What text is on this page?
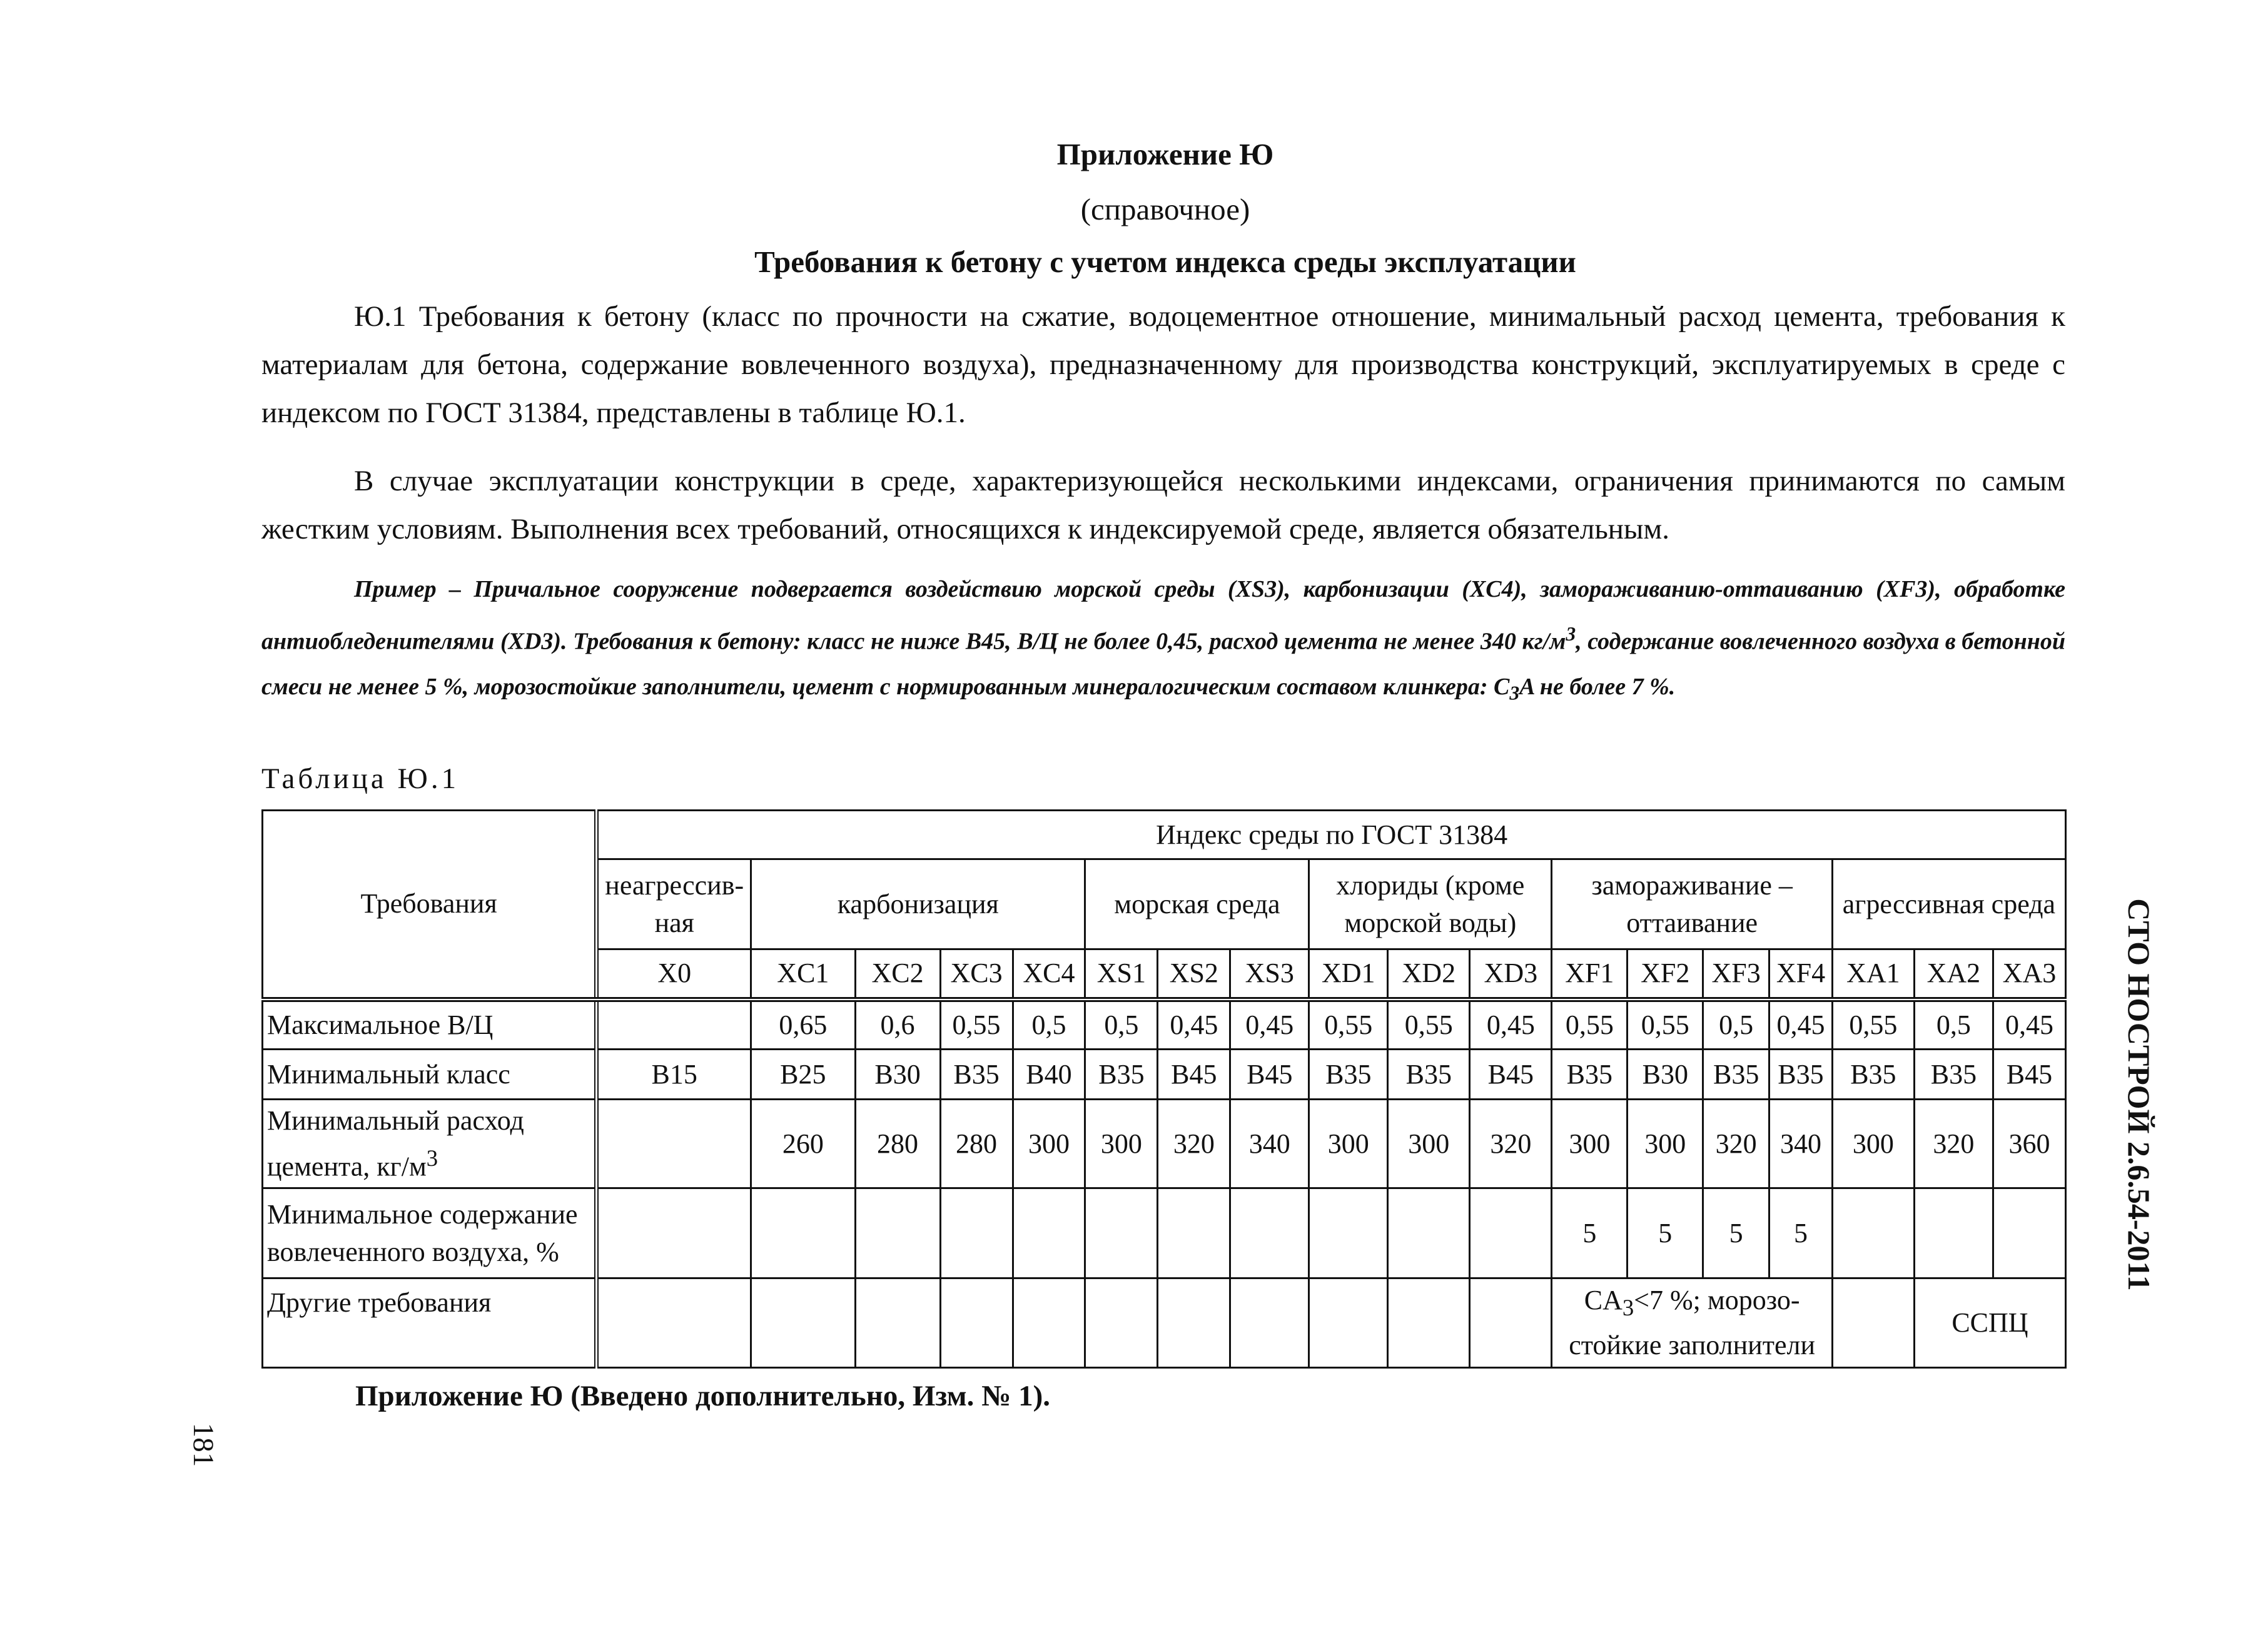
Приложение Ю
(справочное)
Требования к бетону с учетом индекса среды эксплуатации

Ю.1 Требования к бетону (класс по прочности на сжатие, водоцементное отношение, минимальный расход цемента, требования к материалам для бетона, содержание вовлеченного воздуха), предназначенному для производства конструкций, эксплуатируемых в среде с индексом по ГОСТ 31384, представлены в таблице Ю.1.

В случае эксплуатации конструкции в среде, характеризующейся несколькими индексами, ограничения принимаются по самым жестким условиям. Выполнения всех требований, относящихся к индексируемой среде, является обязательным.

Пример – Причальное сооружение подвергается воздействию морской среды (XS3), карбонизации (XC4), замораживанию-оттаиванию (XF3), обработке антиобледенителями (XD3). Требования к бетону: класс не ниже B45, В/Ц не более 0,45, расход цемента не менее 340 $кг/м^3$, содержание вовлеченного воздуха в бетонной смеси не менее 5 %, морозостойкие заполнители, цемент с нормированным минералогическим составом клинкера: $C_3A$ не более 7 %.

Таблица Ю.1
Требования	Индекс среды по ГОСТ 31384																	
	неагрессив-ная	карбонизация				морская среда			хлориды (кроме морской воды)			замораживание – оттаивание				агрессивная среда		
	X0	XC1	XC2	XC3	XC4	XS1	XS2	XS3	XD1	XD2	XD3	XF1	XF2	XF3	XF4	XA1	XA2	XA3
Максимальное В/Ц		0,65	0,6	0,55	0,5	0,5	0,45	0,45	0,55	0,55	0,45	0,55	0,55	0,5	0,45	0,55	0,5	0,45
Минимальный класс	B15	B25	B30	B35	B40	B35	B45	B45	B35	B35	B45	B35	B30	B35	B35	B35	B35	B45
Минимальный расход цемента, $кг/м^3$		260	280	280	300	300	320	340	300	300	320	300	300	320	340	300	320	360
Минимальное содержание вовлеченного воздуха, %												5	5	5	5			
Другие требования												$CA_3<7$ %; морозо-стойкие заполнители					ССПЦ	
Приложение Ю (Введено дополнительно, Изм. № 1).
СТО НОСТРОЙ 2.6.54-2011
181
